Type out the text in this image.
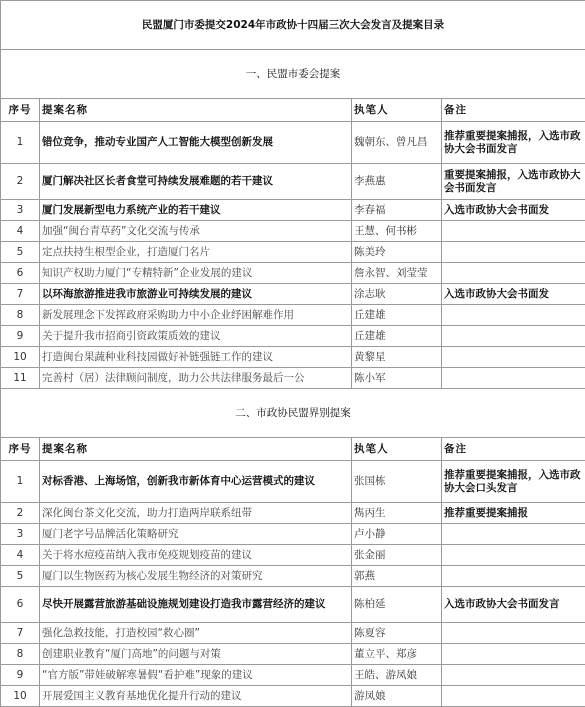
民盟厦门市委提交2024年市政协十四届三次大会发言及提案目录			
一、民盟市委会提案			
序号	提案名称	执笔人	备注
1	错位竞争，推动专业国产人工智能大模型创新发展	魏朝东、曾凡昌	推荐重要提案捕报，入选市政协大会书面发言
2	厦门解决社区长者食堂可持续发展难题的若干建议	李燕惠	重要提案捕报，入选市政协大会书面发言
3	厦门发展新型电力系统产业的若干建议	李春福	入选市政协大会书面发
4	加强“闽台青草药”文化交流与传承	王慧、何书彬	
5	定点扶持生根型企业，打造厦门名片	陈美玲	
6	知识产权助力厦门“专精特新”企业发展的建议	詹永智、刘莹莹	
7	以环海旅游推进我市旅游业可持续发展的建议	涂志耿	入选市政协大会书面发
8	新发展理念下发挥政府采购助力中小企业纾困解难作用	丘建雄	
9	关于提升我市招商引资政策质效的建议	丘建雄	
10	打造闽台果蔬种业科技园做好补链强链工作的建议	黄黎星	
11	完善村（居）法律顾问制度，助力公共法律服务最后一公	陈小军	
二、市政协民盟界别提案			
序号	提案名称	执笔人	备注
1	对标香港、上海场馆，创新我市新体育中心运营模式的建议	张国栋	推荐重要提案捕报，入选市政协大会口头发言
2	深化闽台茶文化交流，助力打造两岸联系纽带	雋丙生	推荐重要提案捕报
3	厦门老字号品牌活化策略研究	卢小静	
4	关于将水痘疫苗纳入我市免疫规划疫苗的建议	张金丽	
5	厦门以生物医药为核心发展生物经济的对策研究	郭燕	
6	尽快开展露营旅游基础设施规划建设打造我市露营经济的建议	陈柏延	入选市政协大会书面发言
7	强化急救技能，打造校园“救心圈”	陈夏容	
8	创建职业教育“厦门高地”的问题与对策	董立平、郑彦	
9	“官方版”带娃破解寒暑假“看护难”现象的建议	王皓、游凤娘	
10	开展爱国主义教育基地优化提升行动的建议	游凤娘	
